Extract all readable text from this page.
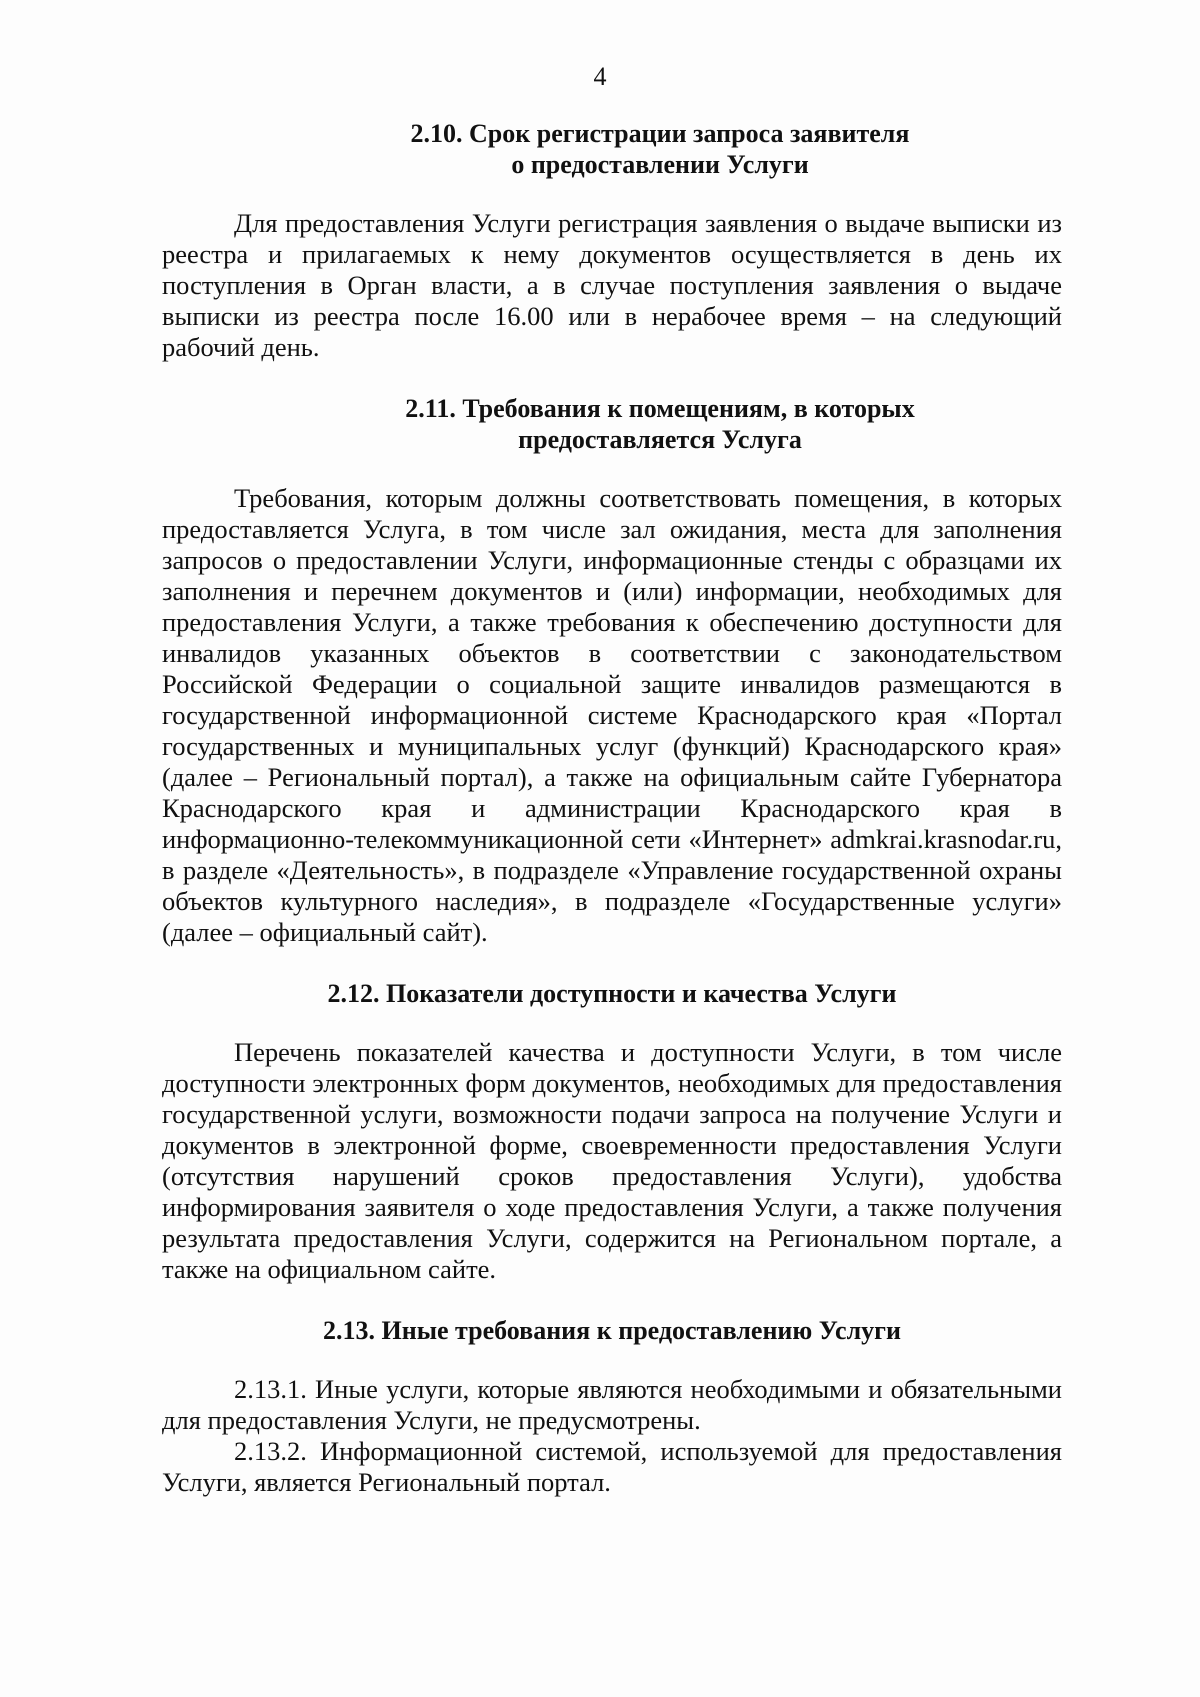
4
2.10. Срок регистрации запроса заявителя
о предоставлении Услуги

Для предоставления Услуги регистрация заявления о выдаче выписки из реестра и прилагаемых к нему документов осуществляется в день их поступления в Орган власти, а в случае поступления заявления о выдаче выписки из реестра после 16.00 или в нерабочее время – на следующий рабочий день.

2.11. Требования к помещениям, в которых
предоставляется Услуга

Требования, которым должны соответствовать помещения, в которых предоставляется Услуга, в том числе зал ожидания, места для заполнения запросов о предоставлении Услуги, информационные стенды с образцами их заполнения и перечнем документов и (или) информации, необходимых для предоставления Услуги, а также требования к обеспечению доступности для инвалидов указанных объектов в соответствии с законодательством Российской Федерации о социальной защите инвалидов размещаются в государственной информационной системе Краснодарского края «Портал государственных и муниципальных услуг (функций) Краснодарского края» (далее – Региональный портал), а также на официальным сайте Губернатора Краснодарского края и администрации Краснодарского края в информационно-телекоммуникационной сети «Интернет» admkrai.krasnodar.ru, в разделе «Деятельность», в подразделе «Управление государственной охраны объектов культурного наследия», в подразделе «Государственные услуги» (далее – официальный сайт).

2.12. Показатели доступности и качества Услуги

Перечень показателей качества и доступности Услуги, в том числе доступности электронных форм документов, необходимых для предоставления государственной услуги, возможности подачи запроса на получение Услуги и документов в электронной форме, своевременности предоставления Услуги (отсутствия нарушений сроков предоставления Услуги), удобства информирования заявителя о ходе предоставления Услуги, а также получения результата предоставления Услуги, содержится на Региональном портале, а также на официальном сайте.

2.13. Иные требования к предоставлению Услуги

2.13.1. Иные услуги, которые являются необходимыми и обязательными для предоставления Услуги, не предусмотрены.

2.13.2. Информационной системой, используемой для предоставления Услуги, является Региональный портал.
